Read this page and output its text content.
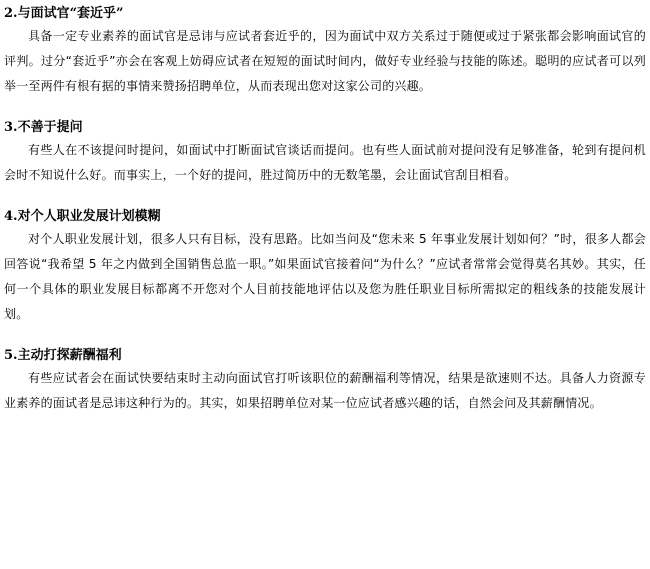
2.与面试官“套近乎”

具备一定专业素养的面试官是忌讳与应试者套近乎的，因为面试中双方关系过于随便或过于紧张都会影响面试官的评判。过分“套近乎”亦会在客观上妨碍应试者在短短的面试时间内，做好专业经验与技能的陈述。聪明的应试者可以列举一至两件有根有据的事情来赞扬招聘单位，从而表现出您对这家公司的兴趣。

3.不善于提问

有些人在不该提问时提问，如面试中打断面试官谈话而提问。也有些人面试前对提问没有足够准备，轮到有提问机会时不知说什么好。而事实上，一个好的提问，胜过简历中的无数笔墨，会让面试官刮目相看。

4.对个人职业发展计划模糊

对个人职业发展计划，很多人只有目标，没有思路。比如当问及“您未来 5 年事业发展计划如何？”时，很多人都会回答说“我希望 5 年之内做到全国销售总监一职。”如果面试官接着问“为什么？”应试者常常会觉得莫名其妙。其实，任何一个具体的职业发展目标都离不开您对个人目前技能地评估以及您为胜任职业目标所需拟定的粗线条的技能发展计划。

5.主动打探薪酬福利

有些应试者会在面试快要结束时主动向面试官打听该职位的薪酬福利等情况，结果是欲速则不达。具备人力资源专业素养的面试者是忌讳这种行为的。其实，如果招聘单位对某一位应试者感兴趣的话，自然会问及其薪酬情况。
